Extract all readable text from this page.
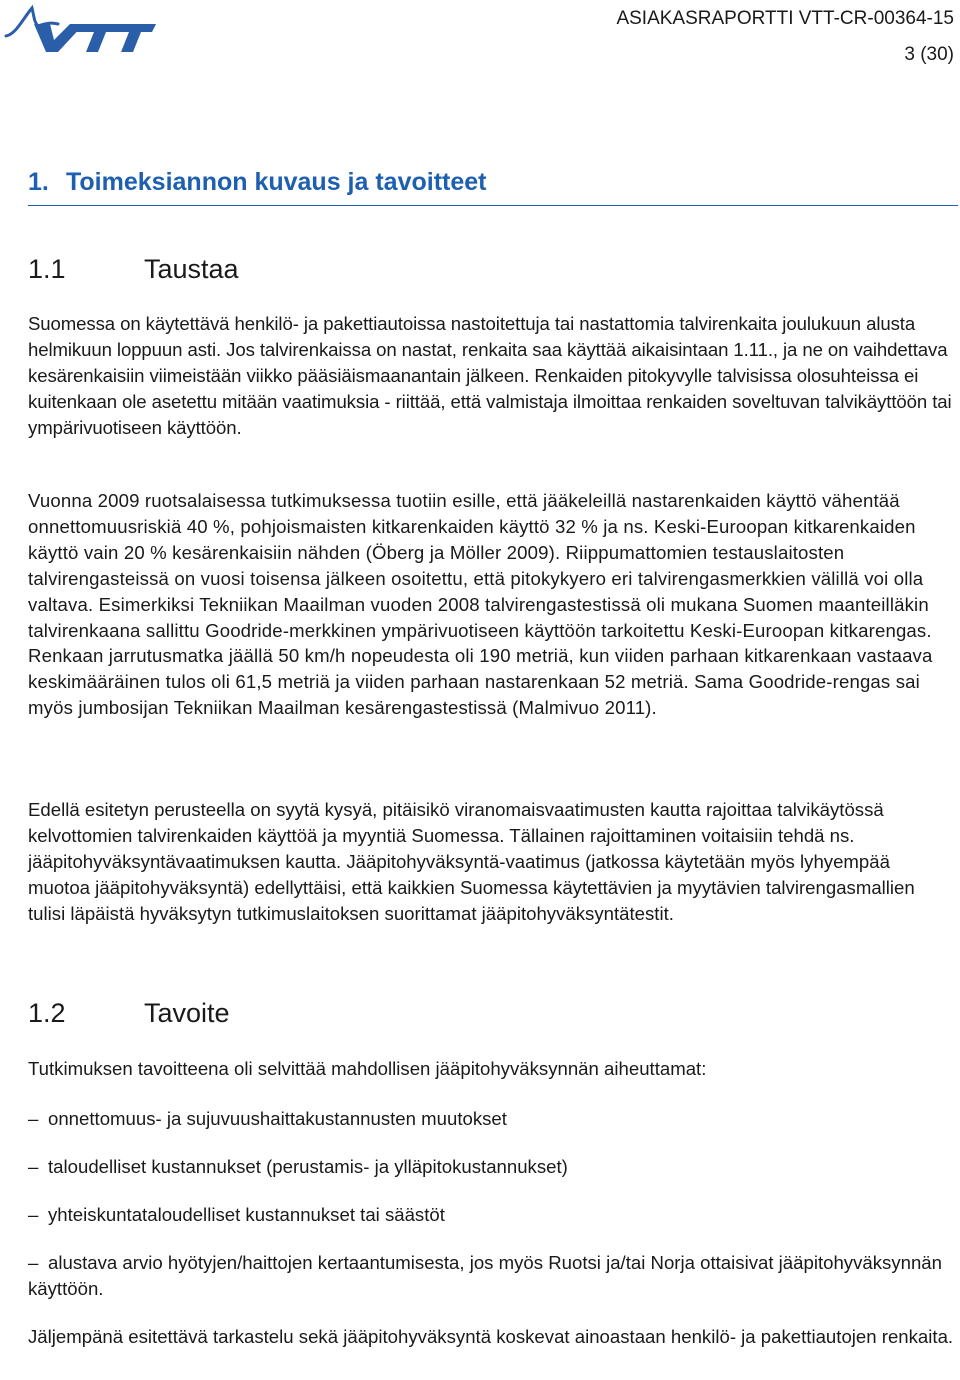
ASIAKASRAPORTTI VTT-CR-00364-15
3 (30)
1. Toimeksiannon kuvaus ja tavoitteet
1.1	Taustaa

Suomessa on käytettävä henkilö- ja pakettiautoissa nastoitettuja tai nastattomia talvirenkaita joulukuun alusta helmikuun loppuun asti. Jos talvirenkaissa on nastat, renkaita saa käyttää aikaisintaan 1.11., ja ne on vaihdettava kesärenkaisiin viimeistään viikko pääsiäismaanantain jälkeen. Renkaiden pitokyvylle talvisissa olosuhteissa ei kuitenkaan ole asetettu mitään vaatimuksia - riittää, että valmistaja ilmoittaa renkaiden soveltuvan talvikäyttöön tai ympärivuotiseen käyttöön.

Vuonna 2009 ruotsalaisessa tutkimuksessa tuotiin esille, että jääkeleillä nastarenkaiden käyttö vähentää onnettomuusriskiä 40 %, pohjoismaisten kitkarenkaiden käyttö 32 % ja ns. Keski-Euroopan kitkarenkaiden käyttö vain 20 % kesärenkaisiin nähden (Öberg ja Möller 2009). Riippumattomien testauslaitosten talvirengasteissä on vuosi toisensa jälkeen osoitettu, että pitokykyero eri talvirengasmerkkien välillä voi olla valtava. Esimerkiksi Tekniikan Maailman vuoden 2008 talvirengastestissä oli mukana Suomen maanteilläkin talvirenkaana sallittu Goodride-merkkinen ympärivuotiseen käyttöön tarkoitettu Keski-Euroopan kitkarengas. Renkaan jarrutusmatka jäällä 50 km/h nopeudesta oli 190 metriä, kun viiden parhaan kitkarenkaan vastaava keskimääräinen tulos oli 61,5 metriä ja viiden parhaan nastarenkaan 52 metriä. Sama Goodride-rengas sai myös jumbosijan Tekniikan Maailman kesärengastestissä (Malmivuo 2011).

Edellä esitetyn perusteella on syytä kysyä, pitäisikö viranomaisvaatimusten kautta rajoittaa talvikäytössä kelvottomien talvirenkaiden käyttöä ja myyntiä Suomessa. Tällainen rajoittaminen voitaisiin tehdä ns. jääpitohyväksyntävaatimuksen kautta. Jääpitohyväksyntä-vaatimus (jatkossa käytetään myös lyhyempää muotoa jääpitohyväksyntä) edellyttäisi, että kaikkien Suomessa käytettävien ja myytävien talvirengasmallien tulisi läpäistä hyväksytyn tutkimuslaitoksen suorittamat jääpitohyväksyntätestit.

1.2	Tavoite

Tutkimuksen tavoitteena oli selvittää mahdollisen jääpitohyväksynnän aiheuttamat:

– onnettomuus- ja sujuvuushaittakustannusten muutokset

– taloudelliset kustannukset (perustamis- ja ylläpitokustannukset)

– yhteiskuntataloudelliset kustannukset tai säästöt

– alustava arvio hyötyjen/haittojen kertaantumisesta, jos myös Ruotsi ja/tai Norja ottaisivat jääpitohyväksynnän käyttöön.

Jäljempänä esitettävä tarkastelu sekä jääpitohyväksyntä koskevat ainoastaan henkilö- ja pakettiautojen renkaita.
